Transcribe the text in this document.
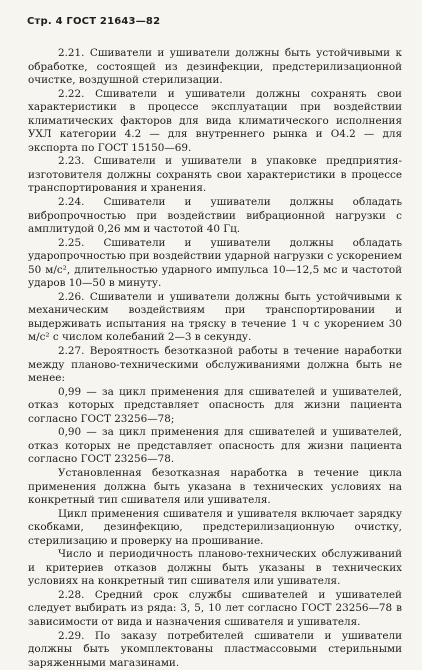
Стр. 4 ГОСТ 21643—82

2.21. Сшиватели и ушиватели должны быть устойчивыми к обработке, состоящей из дезинфекции, предстерилизационной очистке, воздушной стерилизации.

2.22. Сшиватели и ушиватели должны сохранять свои характеристики в процессе эксплуатации при воздействии климатических факторов для вида климатического исполнения УХЛ категории 4.2 — для внутреннего рынка и О4.2 — для экспорта по ГОСТ 15150—69.

2.23. Сшиватели и ушиватели в упаковке предприятия-изготовителя должны сохранять свои характеристики в процессе транспортирования и хранения.

2.24. Сшиватели и ушиватели должны обладать вибропрочностью при воздействии вибрационной нагрузки с амплитудой 0,26 мм и частотой 40 Гц.

2.25. Сшиватели и ушиватели должны обладать ударопрочностью при воздействии ударной нагрузки с ускорением 50 м/с², длительностью ударного импульса 10—12,5 мс и частотой ударов 10—50 в минуту.

2.26. Сшиватели и ушиватели должны быть устойчивыми к механическим воздействиям при транспортировании и выдерживать испытания на тряску в течение 1 ч с укорением 30 м/с² с числом колебаний 2—3 в секунду.

2.27. Вероятность безотказной работы в течение наработки между планово-техническими обслуживаниями должна быть не менее:

0,99 — за цикл применения для сшивателей и ушивателей, отказ которых представляет опасность для жизни пациента согласно ГОСТ 23256—78;

0,90 — за цикл применения для сшивателей и ушивателей, отказ которых не представляет опасность для жизни пациента согласно ГОСТ 23256—78.

Установленная безотказная наработка в течение цикла применения должна быть указана в технических условиях на конкретный тип сшивателя или ушивателя.

Цикл применения сшивателя и ушивателя включает зарядку скобками, дезинфекцию, предстерилизационную очистку, стерилизацию и проверку на прошивание.

Число и периодичность планово-технических обслуживаний и критериев отказов должны быть указаны в технических условиях на конкретный тип сшивателя или ушивателя.

2.28. Средний срок службы сшивателей и ушивателей следует выбирать из ряда: 3, 5, 10 лет согласно ГОСТ 23256—78 в зависимости от вида и назначения сшивателя и ушивателя.

2.29. По заказу потребителей сшиватели и ушиватели должны быть укомплектованы пластмассовыми стерильными заряженными магазинами.
